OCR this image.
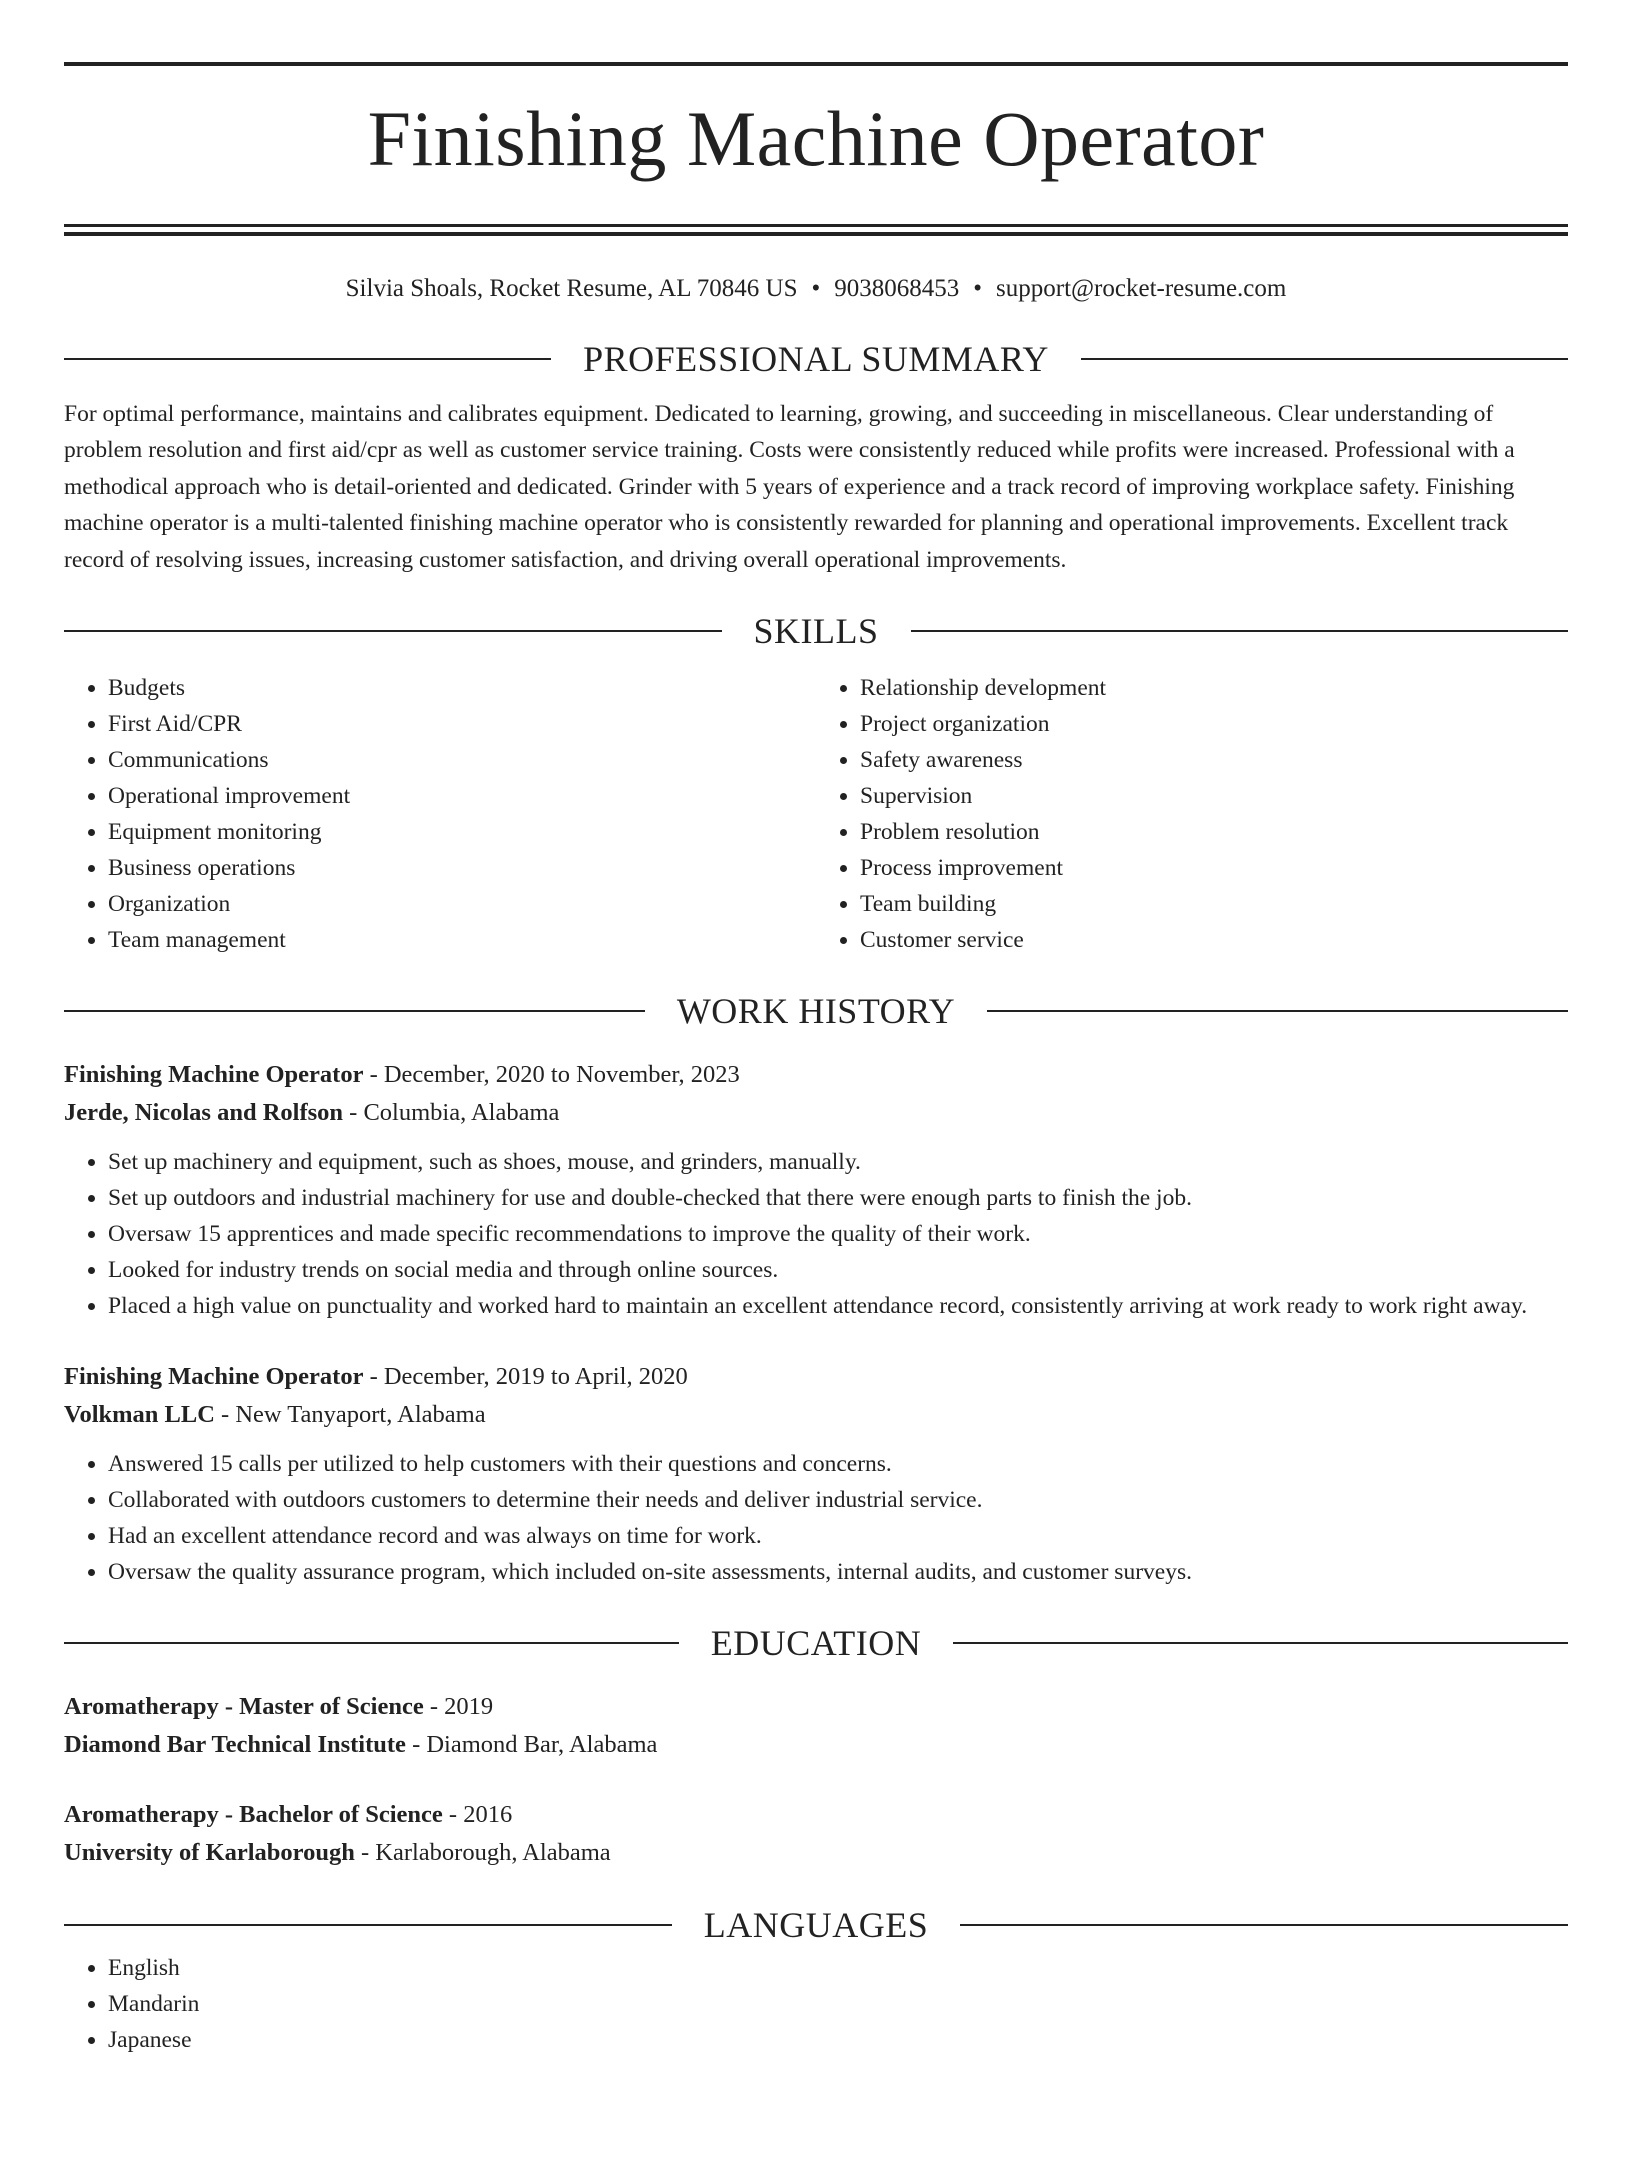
Finishing Machine Operator
Silvia Shoals, Rocket Resume, AL 70846 US • 9038068453 • support@rocket-resume.com
PROFESSIONAL SUMMARY

For optimal performance, maintains and calibrates equipment. Dedicated to learning, growing, and succeeding in miscellaneous. Clear understanding of problem resolution and first aid/cpr as well as customer service training. Costs were consistently reduced while profits were increased. Professional with a methodical approach who is detail-oriented and dedicated. Grinder with 5 years of experience and a track record of improving workplace safety. Finishing machine operator is a multi-talented finishing machine operator who is consistently rewarded for planning and operational improvements. Excellent track record of resolving issues, increasing customer satisfaction, and driving overall operational improvements.

SKILLS
• Budgets
• First Aid/CPR
• Communications
• Operational improvement
• Equipment monitoring
• Business operations
• Organization
• Team management
• Relationship development
• Project organization
• Safety awareness
• Supervision
• Problem resolution
• Process improvement
• Team building
• Customer service
WORK HISTORY
Finishing Machine Operator - December, 2020 to November, 2023
Jerde, Nicolas and Rolfson - Columbia, Alabama
• Set up machinery and equipment, such as shoes, mouse, and grinders, manually.
• Set up outdoors and industrial machinery for use and double-checked that there were enough parts to finish the job.
• Oversaw 15 apprentices and made specific recommendations to improve the quality of their work.
• Looked for industry trends on social media and through online sources.
• Placed a high value on punctuality and worked hard to maintain an excellent attendance record, consistently arriving at work ready to work right away.
Finishing Machine Operator - December, 2019 to April, 2020
Volkman LLC - New Tanyaport, Alabama
• Answered 15 calls per utilized to help customers with their questions and concerns.
• Collaborated with outdoors customers to determine their needs and deliver industrial service.
• Had an excellent attendance record and was always on time for work.
• Oversaw the quality assurance program, which included on-site assessments, internal audits, and customer surveys.
EDUCATION
Aromatherapy - Master of Science - 2019
Diamond Bar Technical Institute - Diamond Bar, Alabama
Aromatherapy - Bachelor of Science - 2016
University of Karlaborough - Karlaborough, Alabama
LANGUAGES
• English
• Mandarin
• Japanese
